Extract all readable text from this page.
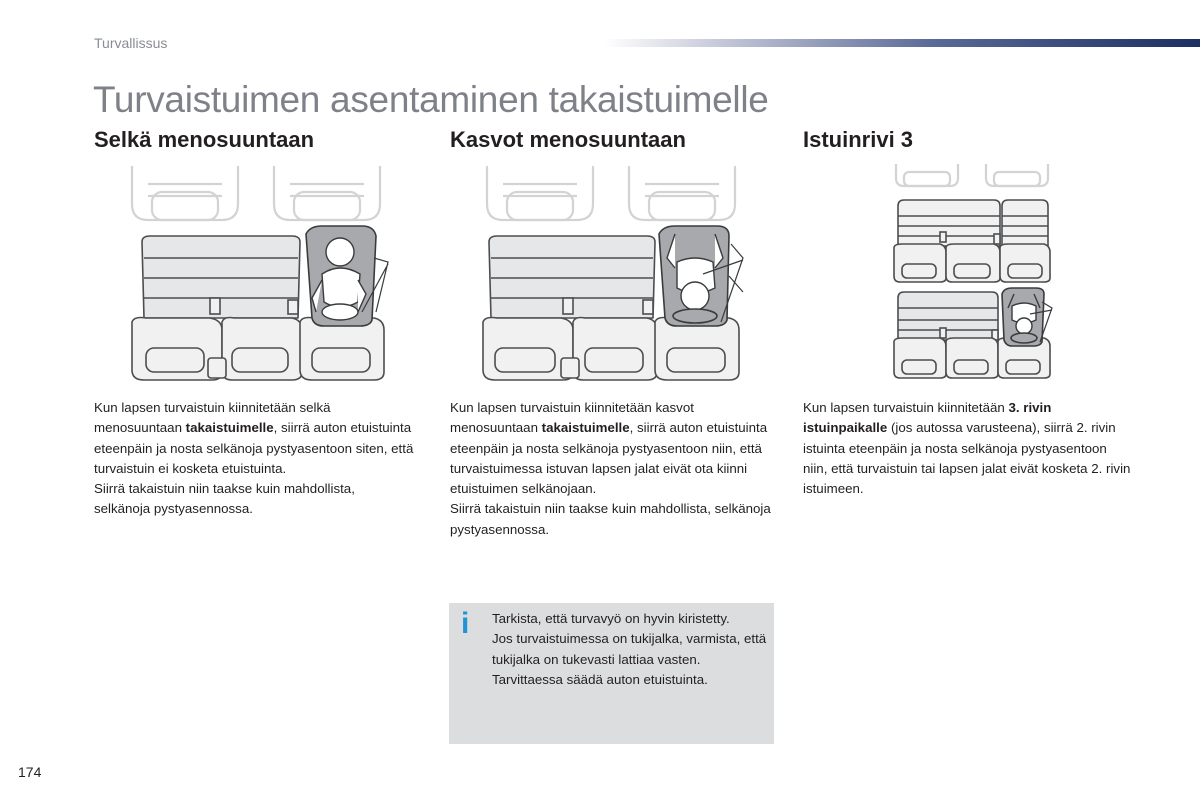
Turvallissus
Turvaistuimen asentaminen takaistuimelle
Selkä menosuuntaan	Kasvot menosuuntaan	Istuinrivi 3

Kun lapsen turvaistuin kiinnitetään selkä menosuuntaan takaistuimelle, siirrä auton etuistuinta eteenpäin ja nosta selkänoja pystyasentoon siten, että turvaistuin ei kosketa etuistuinta.

Siirrä takaistuin niin taakse kuin mahdollista, selkänoja pystyasennossa.

Kun lapsen turvaistuin kiinnitetään kasvot menosuuntaan takaistuimelle, siirrä auton etuistuinta eteenpäin ja nosta selkänoja pystyasentoon niin, että turvaistuimessa istuvan lapsen jalat eivät ota kiinni etuistuimen selkänojaan.

Siirrä takaistuin niin taakse kuin mahdollista, selkänoja pystyasennossa.

Kun lapsen turvaistuin kiinnitetään 3. rivin istuinpaikalle (jos autossa varusteena), siirrä 2. rivin istuinta eteenpäin ja nosta selkänoja pystyasentoon niin, että turvaistuin tai lapsen jalat eivät kosketa 2. rivin istuimeen.

i Tarkista, että turvavyö on hyvin kiristetty.

Jos turvaistuimessa on tukijalka, varmista, että tukijalka on tukevasti lattiaa vasten. Tarvittaessa säädä auton etuistuinta.

174
